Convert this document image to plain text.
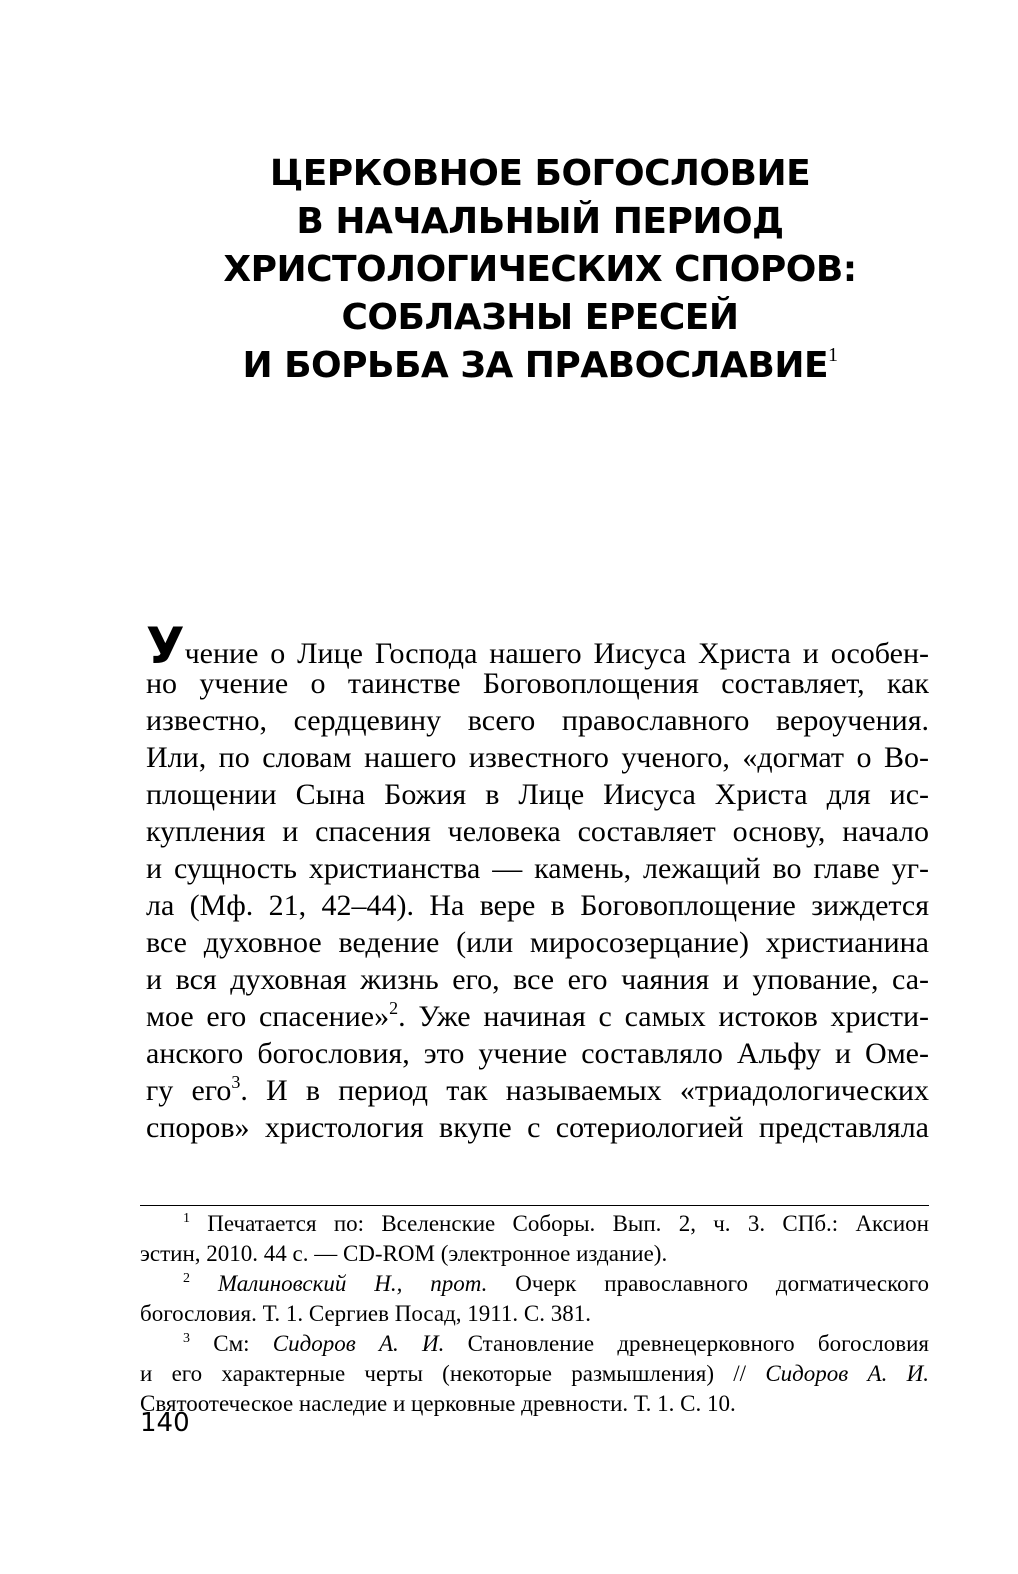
ЦЕРКОВНОЕ БОГОСЛОВИЕ
В НАЧАЛЬНЫЙ ПЕРИОД
ХРИСТОЛОГИЧЕСКИХ СПОРОВ:
СОБЛАЗНЫ ЕРЕСЕЙ
И БОРЬБА ЗА ПРАВОСЛАВИЕ$^1$
Учение о Лице Господа нашего Иисуса Христа и особен-
но учение о таинстве Боговоплощения составляет, как
известно, сердцевину всего православного вероучения.
Или, по словам нашего известного ученого, «догмат о Во-
площении Сына Божия в Лице Иисуса Христа для ис-
купления и спасения человека составляет основу, начало
и сущность христианства — камень, лежащий во главе уг-
ла (Мф. 21, 42–44). На вере в Боговоплощение зиждется
все духовное ведение (или миросозерцание) христианина
и вся духовная жизнь его, все его чаяния и упование, са-
мое его спасение»$^2$. Уже начиная с самых истоков христи-
анского богословия, это учение составляло Альфу и Оме-
гу его$^3$. И в период так называемых «триадологических
споров» христология вкупе с сотериологией представляла
$^1$ Печатается по: Вселенские Соборы. Вып. 2, ч. 3. СПб.: Аксион
эстин, 2010. 44 с. — CD-ROM (электронное издание).
$^2$ Малиновский Н., прот. Очерк православного догматического
богословия. Т. 1. Сергиев Посад, 1911. С. 381.
$^3$ См: Сидоров А. И. Становление древнецерковного богословия
и его характерные черты (некоторые размышления) // Сидоров А. И.
Святоотеческое наследие и церковные древности. Т. 1. С. 10.
140
